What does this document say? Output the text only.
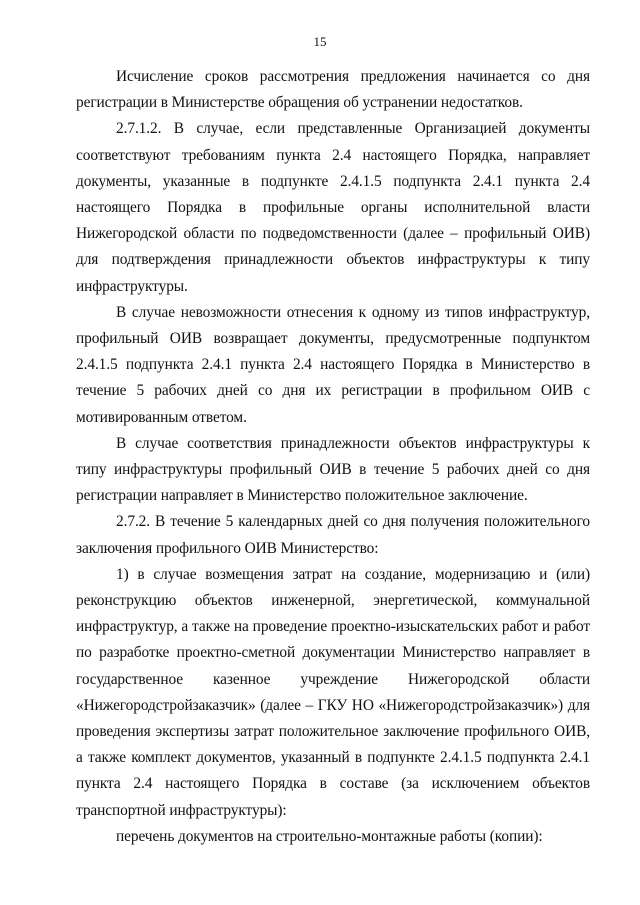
15

Исчисление сроков рассмотрения предложения начинается со дня регистрации в Министерстве обращения об устранении недостатков.

2.7.1.2. В случае, если представленные Организацией документы соответствуют требованиям пункта 2.4 настоящего Порядка, направляет документы, указанные в подпункте 2.4.1.5 подпункта 2.4.1 пункта 2.4 настоящего Порядка в профильные органы исполнительной власти Нижегородской области по подведомственности (далее – профильный ОИВ) для подтверждения принадлежности объектов инфраструктуры к типу инфраструктуры.

В случае невозможности отнесения к одному из типов инфраструктур, профильный ОИВ возвращает документы, предусмотренные подпунктом 2.4.1.5 подпункта 2.4.1 пункта 2.4 настоящего Порядка в Министерство в течение 5 рабочих дней со дня их регистрации в профильном ОИВ с мотивированным ответом.

В случае соответствия принадлежности объектов инфраструктуры к типу инфраструктуры профильный ОИВ в течение 5 рабочих дней со дня регистрации направляет в Министерство положительное заключение.

2.7.2. В течение 5 календарных дней со дня получения положительного заключения профильного ОИВ Министерство:

1) в случае возмещения затрат на создание, модернизацию и (или) реконструкцию объектов инженерной, энергетической, коммунальной инфраструктур, а также на проведение проектно-изыскательских работ и работ по разработке проектно-сметной документации Министерство направляет в государственное казенное учреждение Нижегородской области «Нижегородстройзаказчик» (далее – ГКУ НО «Нижегородстройзаказчик») для проведения экспертизы затрат положительное заключение профильного ОИВ, а также комплект документов, указанный в подпункте 2.4.1.5 подпункта 2.4.1 пункта 2.4 настоящего Порядка в составе (за исключением объектов транспортной инфраструктуры):

перечень документов на строительно-монтажные работы (копии):
